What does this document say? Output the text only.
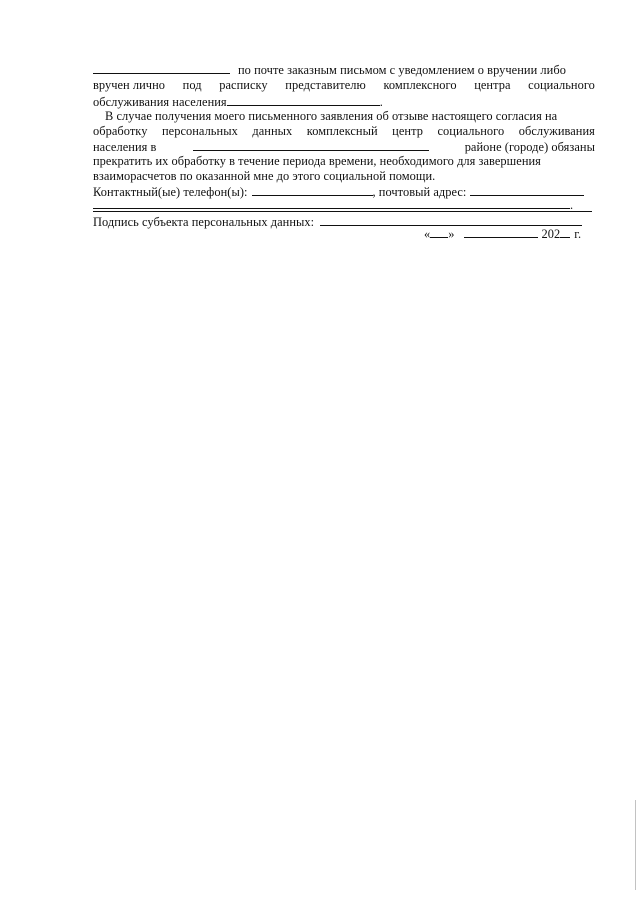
по почте заказным письмом с уведомлением о вручении либо
вручен лично под расписку представителю комплексного центра социального
обслуживания населения	.
В случае получения моего письменного заявления об отзыве настоящего согласия на
обработку персональных данных комплексный центр социального обслуживания
населения в	районе (городе) обязаны
прекратить их обработку в течение периода времени, необходимого для завершения
взаиморасчетов по оказанной мне до этого социальной помощи.
Контактный(ые) телефон(ы):	, почтовый адрес:
.
Подпись субъекта персональных данных:
« »	202 г.
